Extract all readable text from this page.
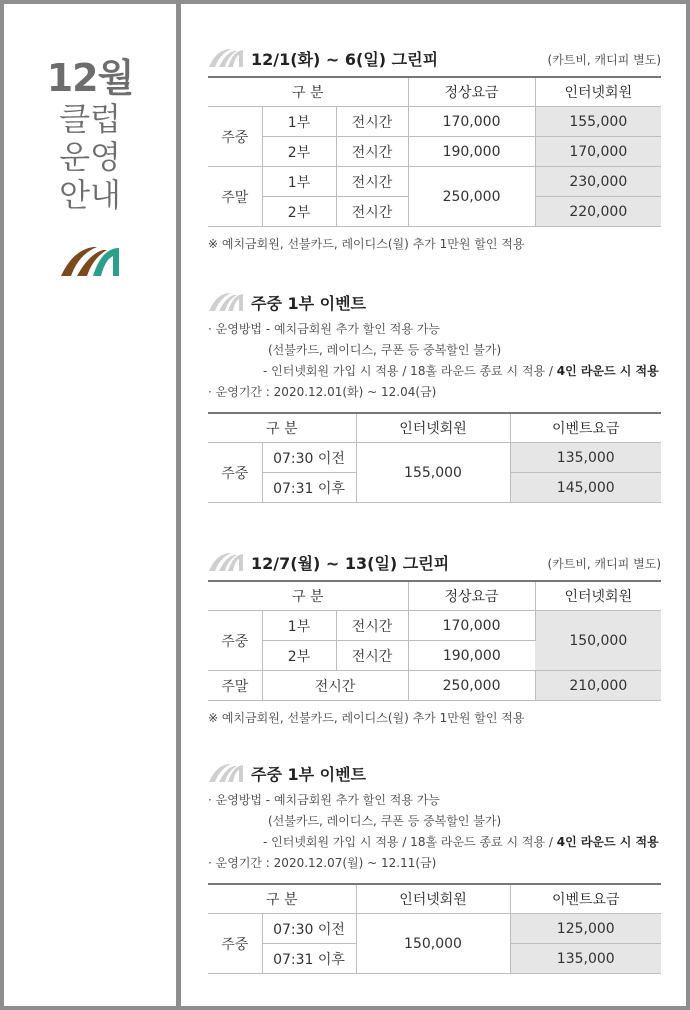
12월
클럽
운영
안내
12/1(화) ~ 6(일) 그린피	(카트비, 캐디피 별도)
구 분			정상요금	인터넷회원
주중	1부	전시간	170,000	155,000
	2부	전시간	190,000	170,000
주말	1부	전시간	250,000	230,000
	2부	전시간		220,000
※ 예치금회원, 선불카드, 레이디스(월) 추가 1만원 할인 적용
주중 1부 이벤트
· 운영방법 - 예치금회원 추가 할인 적용 가능
(선불카드, 레이디스, 쿠폰 등 중복할인 불가)
- 인터넷회원 가입 시 적용 / 18홀 라운드 종료 시 적용 / 4인 라운드 시 적용
· 운영기간 : 2020.12.01(화) ~ 12.04(금)
구 분		인터넷회원	이벤트요금
주중	07:30 이전	155,000	135,000
	07:31 이후		145,000
12/7(월) ~ 13(일) 그린피	(카트비, 캐디피 별도)
구 분			정상요금	인터넷회원
주중	1부	전시간	170,000	150,000
	2부	전시간	190,000	
주말	전시간		250,000	210,000
※ 예치금회원, 선불카드, 레이디스(월) 추가 1만원 할인 적용
주중 1부 이벤트
· 운영방법 - 예치금회원 추가 할인 적용 가능
(선불카드, 레이디스, 쿠폰 등 중복할인 불가)
- 인터넷회원 가입 시 적용 / 18홀 라운드 종료 시 적용 / 4인 라운드 시 적용
· 운영기간 : 2020.12.07(월) ~ 12.11(금)
구 분		인터넷회원	이벤트요금
주중	07:30 이전	150,000	125,000
	07:31 이후		135,000
